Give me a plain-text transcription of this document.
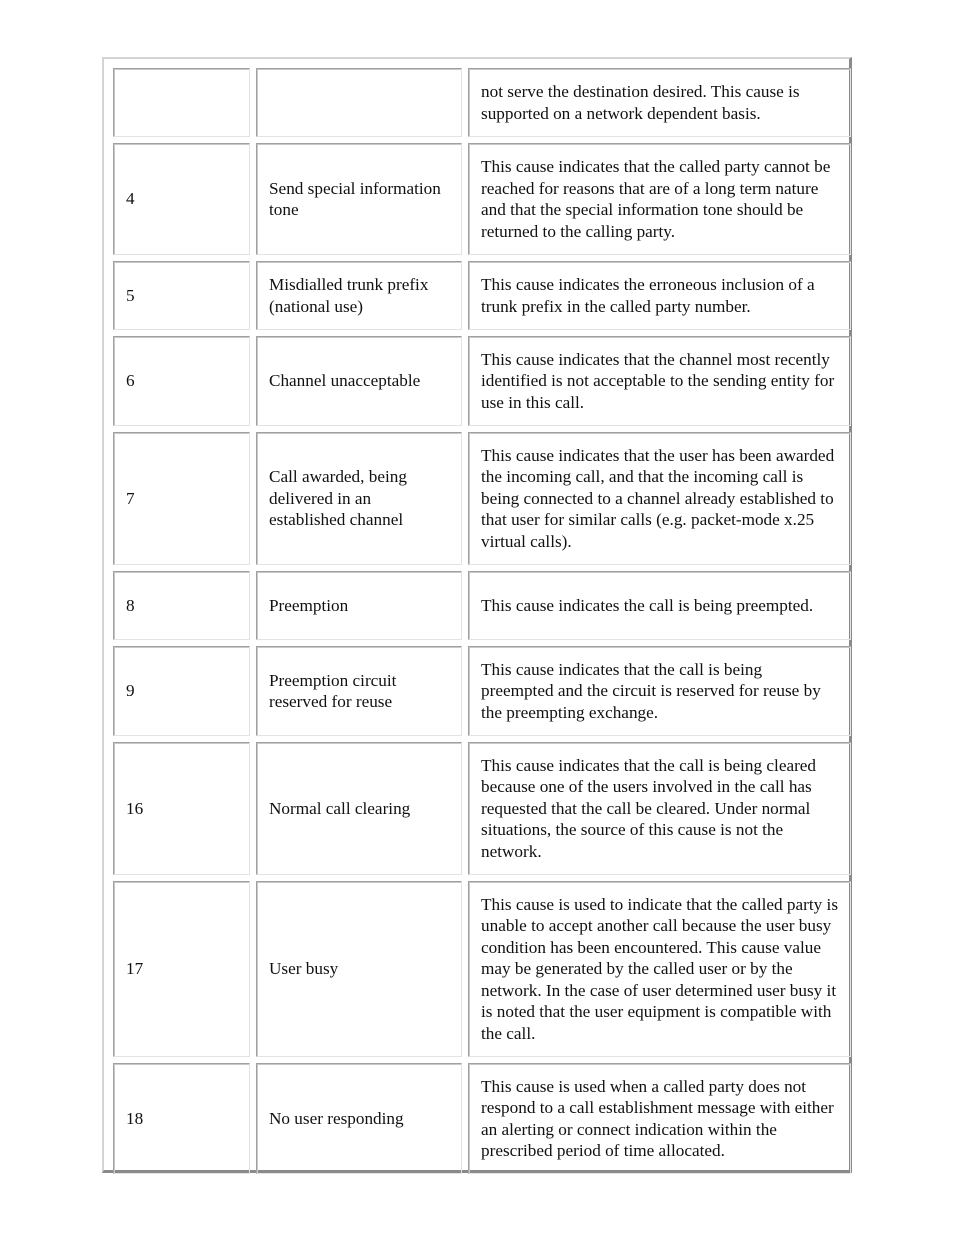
		not serve the destination desired. This cause is supported on a network dependent basis.
4	Send special information tone	This cause indicates that the called party cannot be reached for reasons that are of a long term nature and that the special information tone should be returned to the calling party.
5	Misdialled trunk prefix (national use)	This cause indicates the erroneous inclusion of a trunk prefix in the called party number.
6	Channel unacceptable	This cause indicates that the channel most recently identified is not acceptable to the sending entity for use in this call.
7	Call awarded, being delivered in an established channel	This cause indicates that the user has been awarded the incoming call, and that the incoming call is being connected to a channel already established to that user for similar calls (e.g. packet-mode x.25 virtual calls).
8	Preemption	This cause indicates the call is being preempted.
9	Preemption circuit reserved for reuse	This cause indicates that the call is being preempted and the circuit is reserved for reuse by the preempting exchange.
16	Normal call clearing	This cause indicates that the call is being cleared because one of the users involved in the call has requested that the call be cleared. Under normal situations, the source of this cause is not the network.
17	User busy	This cause is used to indicate that the called party is unable to accept another call because the user busy condition has been encountered. This cause value may be generated by the called user or by the network. In the case of user determined user busy it is noted that the user equipment is compatible with the call.
18	No user responding	This cause is used when a called party does not respond to a call establishment message with either an alerting or connect indication within the prescribed period of time allocated.
